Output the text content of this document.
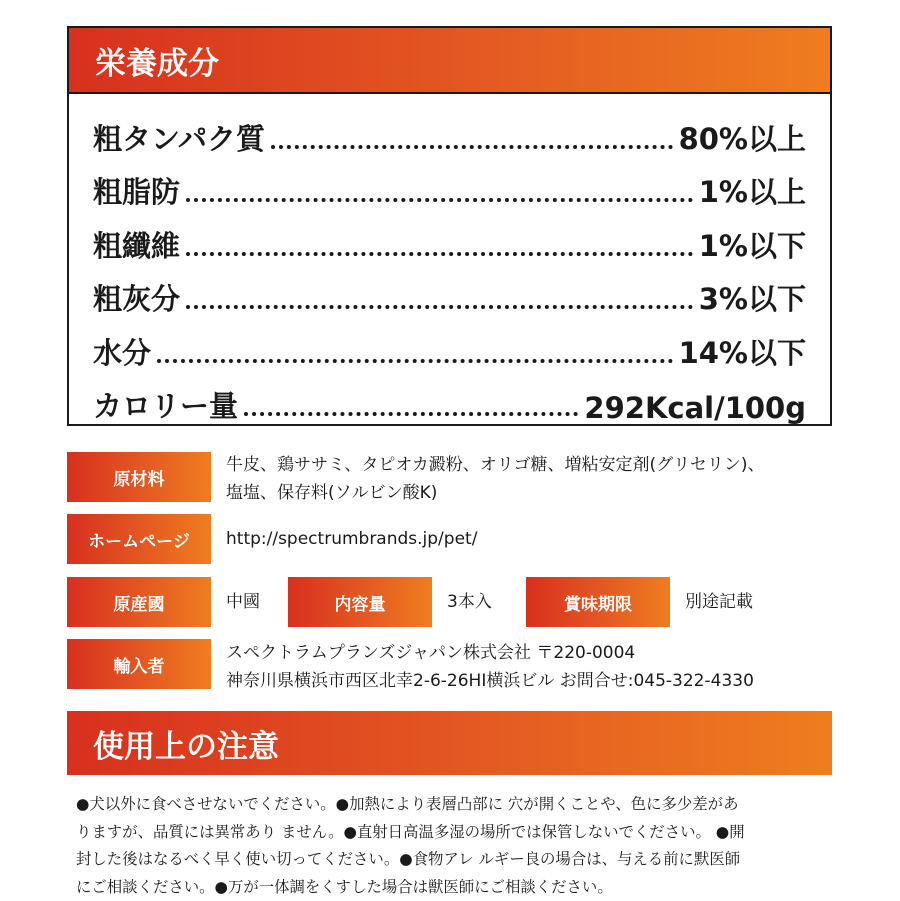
栄養成分
粗タンパク質	80%以上
粗脂防	1%以上
粗纖維	1%以下
粗灰分	3%以下
水分	14%以下
カロリー量	292Kcal/100g
原材料
牛皮、鶏ササミ、タピオカ澱粉、オリゴ糖、増粘安定剤(グリセリン)、
塩塩、保存料(ソルビン酸K)
ホームページ	http://spectrumbrands.jp/pet/
原産國	中國	内容量	3本入	賞味期限	別途記載
輸入者
スペクトラムプランズジャパン株式会社 〒220-0004
神奈川県横浜市西区北幸2-6-26HI横浜ビル お問合せ:045-322-4330
使用上の注意
●犬以外に食べさせないでください。●加熱により表層凸部に 穴が開くことや、色に多少差があ
りますが、品質には異常あり ません。●直射日高温多湿の場所では保管しないでください。 ●開
封した後はなるべく早く使い切ってください。●食物アレ ルギー良の場合は、与える前に默医師
にご相談ください。●万が一体調をくすした場合は獣医師にご相談ください。
